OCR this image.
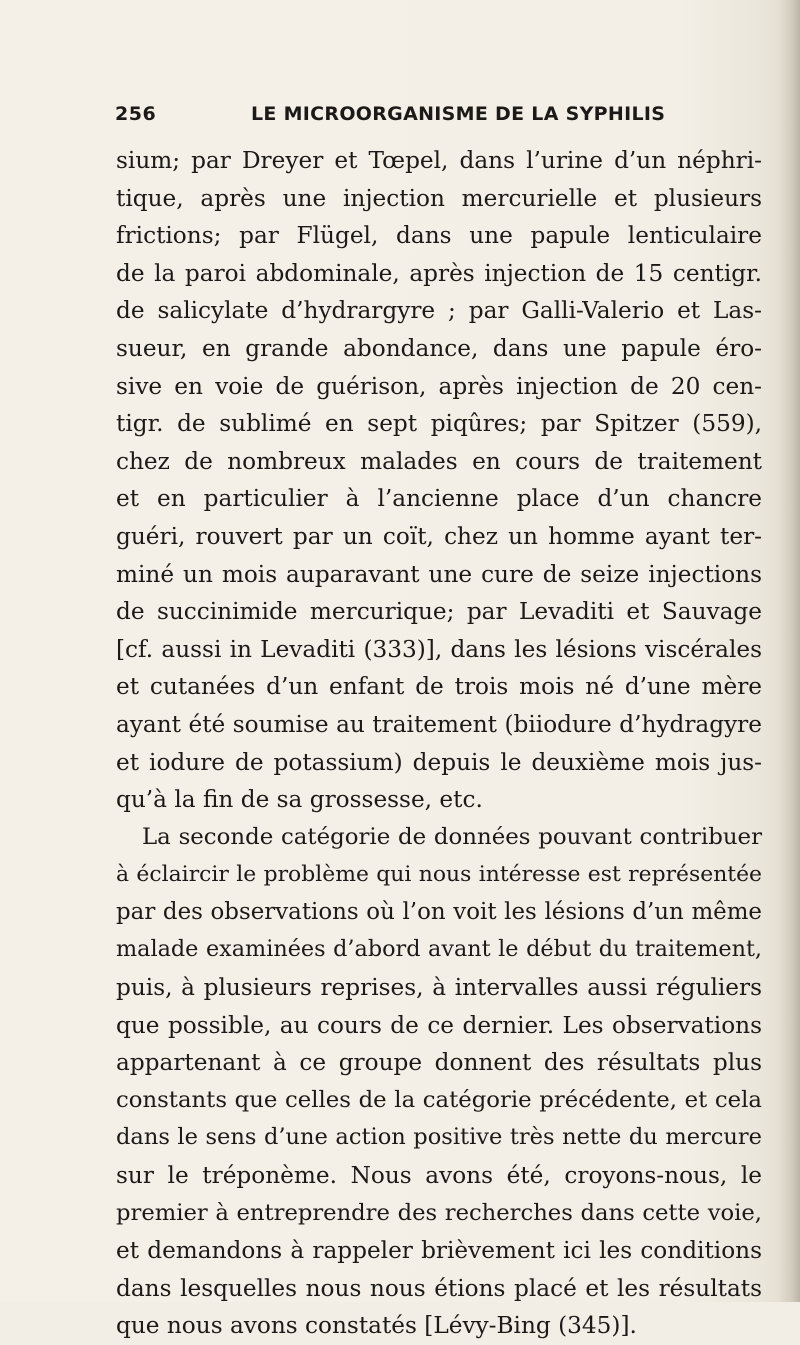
256	LE MICROORGANISME DE LA SYPHILIS
sium; par Dreyer et Tœpel, dans l’urine d’un néphri-
tique, après une injection mercurielle et plusieurs
frictions; par Flügel, dans une papule lenticulaire
de la paroi abdominale, après injection de 15 centigr.
de salicylate d’hydrargyre ; par Galli-Valerio et Las-
sueur, en grande abondance, dans une papule éro-
sive en voie de guérison, après injection de 20 cen-
tigr. de sublimé en sept piqûres; par Spitzer (559),
chez de nombreux malades en cours de traitement
et en particulier à l’ancienne place d’un chancre
guéri, rouvert par un coït, chez un homme ayant ter-
miné un mois auparavant une cure de seize injections
de succinimide mercurique; par Levaditi et Sauvage
[cf. aussi in Levaditi (333)], dans les lésions viscérales
et cutanées d’un enfant de trois mois né d’une mère
ayant été soumise au traitement (biiodure d’hydragyre
et iodure de potassium) depuis le deuxième mois jus-
qu’à la fin de sa grossesse, etc.
La seconde catégorie de données pouvant contribuer
à éclaircir le problème qui nous intéresse est représentée
par des observations où l’on voit les lésions d’un même
malade examinées d’abord avant le début du traitement,
puis, à plusieurs reprises, à intervalles aussi réguliers
que possible, au cours de ce dernier. Les observations
appartenant à ce groupe donnent des résultats plus
constants que celles de la catégorie précédente, et cela
dans le sens d’une action positive très nette du mercure
sur le tréponème. Nous avons été, croyons-nous, le
premier à entreprendre des recherches dans cette voie,
et demandons à rappeler brièvement ici les conditions
dans lesquelles nous nous étions placé et les résultats
que nous avons constatés [Lévy-Bing (345)].
